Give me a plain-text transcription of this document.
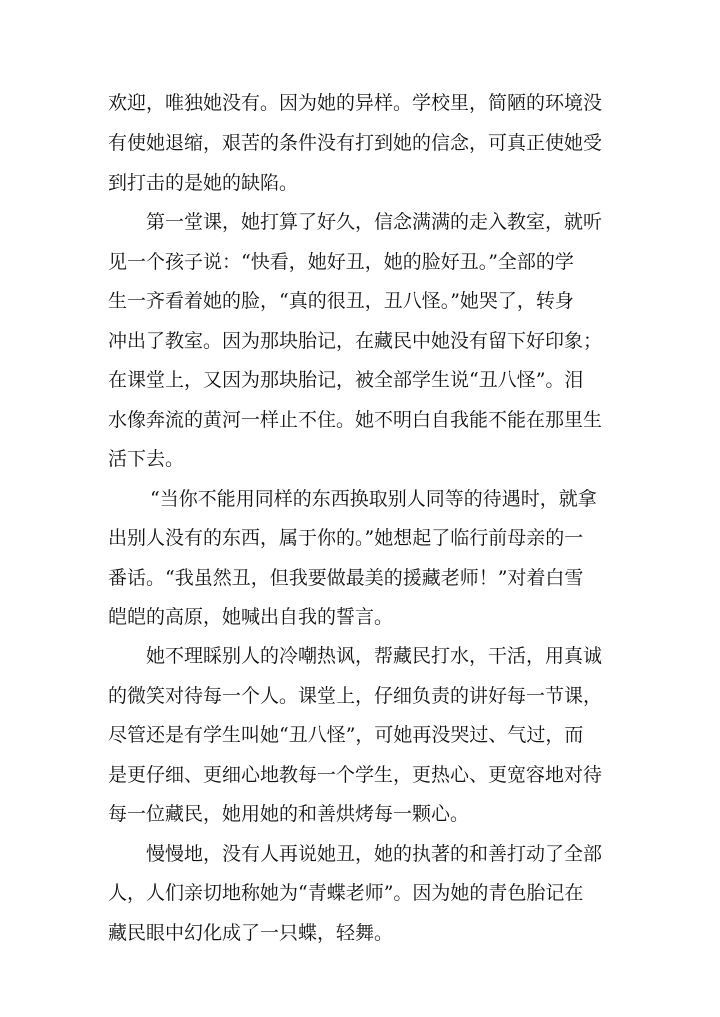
欢迎，唯独她没有。因为她的异样。学校里，简陋的环境没

有使她退缩，艰苦的条件没有打到她的信念，可真正使她受

到打击的是她的缺陷。

第一堂课，她打算了好久，信念满满的走入教室，就听

见一个孩子说：“快看，她好丑，她的脸好丑。”全部的学

生一齐看着她的脸，“真的很丑，丑八怪。”她哭了，转身

冲出了教室。因为那块胎记，在藏民中她没有留下好印象；

在课堂上，又因为那块胎记，被全部学生说“丑八怪”。泪

水像奔流的黄河一样止不住。她不明白自我能不能在那里生

活下去。

“当你不能用同样的东西换取别人同等的待遇时，就拿

出别人没有的东西，属于你的。”她想起了临行前母亲的一

番话。“我虽然丑，但我要做最美的援藏老师！”对着白雪

皑皑的高原，她喊出自我的誓言。

她不理睬别人的冷嘲热讽，帮藏民打水，干活，用真诚

的微笑对待每一个人。课堂上，仔细负责的讲好每一节课，

尽管还是有学生叫她“丑八怪”，可她再没哭过、气过，而

是更仔细、更细心地教每一个学生，更热心、更宽容地对待

每一位藏民，她用她的和善烘烤每一颗心。

慢慢地，没有人再说她丑，她的执著的和善打动了全部

人，人们亲切地称她为“青蝶老师”。因为她的青色胎记在

藏民眼中幻化成了一只蝶，轻舞。
